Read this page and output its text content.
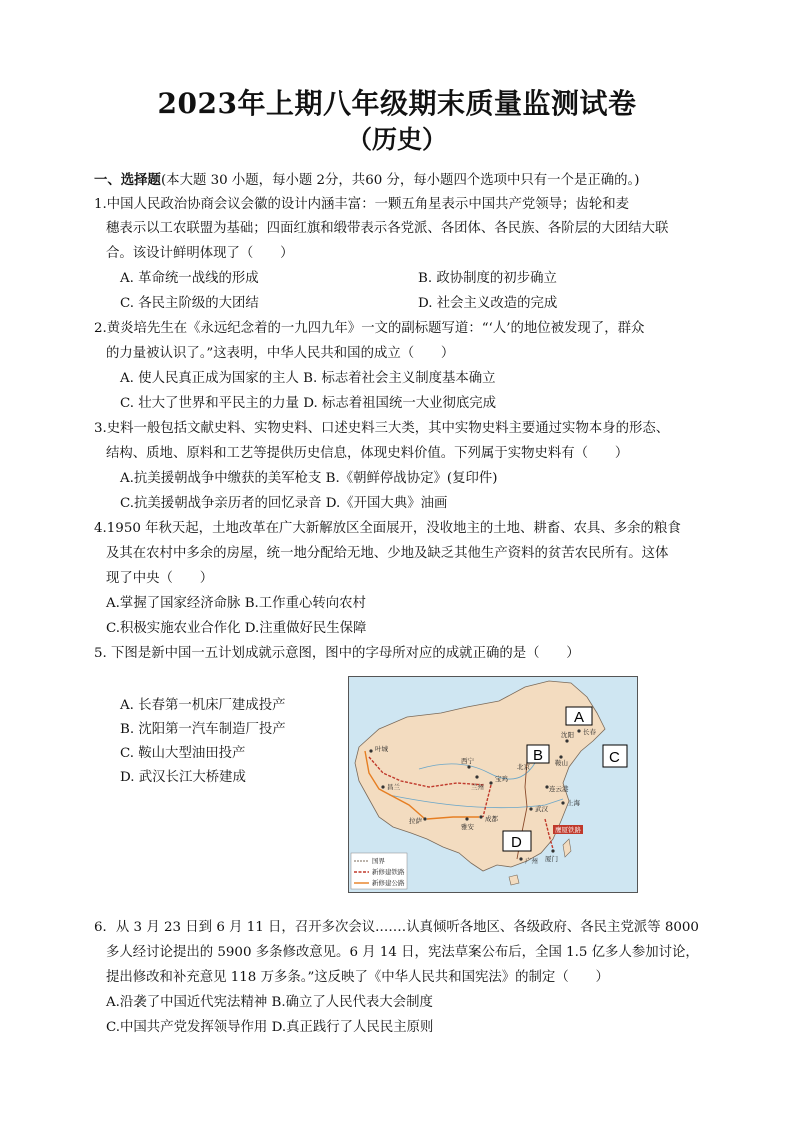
2023年上期八年级期末质量监测试卷
（历史）
一、选择题(本大题 30 小题，每小题 2分，共60 分，每小题四个选项中只有一个是正确的。)
1.中国人民政治协商会议会徽的设计内涵丰富：一颗五角星表示中国共产党领导；齿轮和麦
穗表示以工农联盟为基础；四面红旗和缎带表示各党派、各团体、各民族、各阶层的大团结大联
合。该设计鲜明体现了（　　）
A. 革命统一战线的形成	B. 政协制度的初步确立
C. 各民主阶级的大团结	D. 社会主义改造的完成
2.黄炎培先生在《永远纪念着的一九四九年》一文的副标题写道：“‘人’的地位被发现了，群众
的力量被认识了。”这表明，中华人民共和国的成立（　　）
A. 使人民真正成为国家的主人 B. 标志着社会主义制度基本确立
C. 壮大了世界和平民主的力量 D. 标志着祖国统一大业彻底完成
3.史料一般包括文献史料、实物史料、口述史料三大类，其中实物史料主要通过实物本身的形态、
结构、质地、原料和工艺等提供历史信息，体现史料价值。下列属于实物史料有（　　）
A.抗美援朝战争中缴获的美军枪支 B.《朝鲜停战协定》(复印件)
C.抗美援朝战争亲历者的回忆录音 D.《开国大典》油画
4.1950 年秋天起，土地改革在广大新解放区全面展开，没收地主的土地、耕畜、农具、多余的粮食
及其在农村中多余的房屋，统一地分配给无地、少地及缺乏其他生产资料的贫苦农民所有。这体
现了中央（　　）
A.掌握了国家经济命脉 B.工作重心转向农村
C.积极实施农业合作化 D.注重做好民生保障
5. 下图是新中国一五计划成就示意图，图中的字母所对应的成就正确的是（　　）
A. 长春第一机床厂建成投产
B. 沈阳第一汽车制造厂投产
C. 鞍山大型油田投产
D. 武汉长江大桥建成
长春
沈阳
北京
鞍山
西宁
兰州
宝鸡
武汉
上海
连云港
成都
雅安
拉萨
广州 厦门
叶城
昌兰
鹰厦铁路
A
B	C
D
国界
新修建铁路
新修建公路
6．从 3 月 23 日到 6 月 11 日，召开多次会议.……认真倾听各地区、各级政府、各民主党派等 8000
多人经讨论提出的 5900 多条修改意见。6 月 14 日，宪法草案公布后，全国 1.5 亿多人参加讨论，
提出修改和补充意见 118 万多条。”这反映了《中华人民共和国宪法》的制定（　　）
A.沿袭了中国近代宪法精神 B.确立了人民代表大会制度
C.中国共产党发挥领导作用 D.真正践行了人民民主原则
